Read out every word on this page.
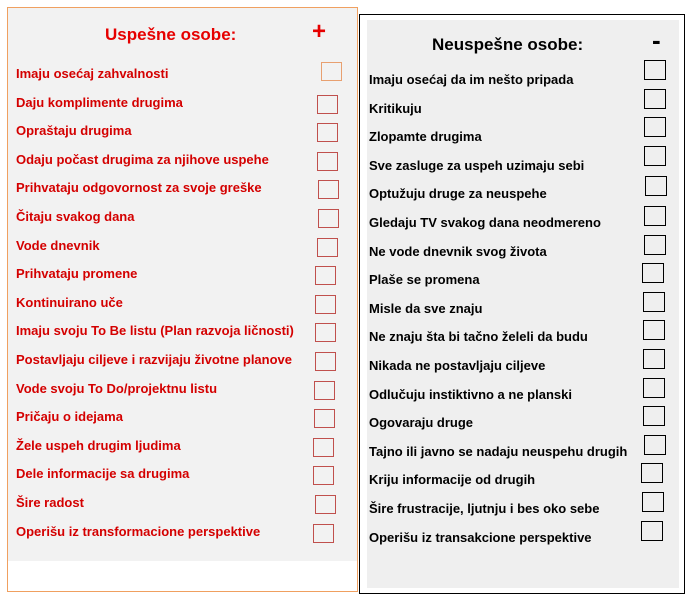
Uspešne osobe:	+
Imaju osećaj zahvalnosti
Daju komplimente drugima
Opraštaju drugima
Odaju počast drugima za njihove uspehe
Prihvataju odgovornost za svoje greške
Čitaju svakog dana
Vode dnevnik
Prihvataju promene
Kontinuirano uče
Imaju svoju To Be listu (Plan razvoja ličnosti)
Postavljaju ciljeve i razvijaju životne planove
Vode svoju To Do/projektnu listu
Pričaju o idejama
Žele uspeh drugim ljudima
Dele informacije sa drugima
Šire radost
Operišu iz transformacione perspektive
Neuspešne osobe:	-
Imaju osećaj da im nešto pripada
Kritikuju
Zlopamte drugima
Sve zasluge za uspeh uzimaju sebi
Optužuju druge za neuspehe
Gledaju TV svakog dana neodmereno
Ne vode dnevnik svog života
Plaše se promena
Misle da sve znaju
Ne znaju šta bi tačno želeli da budu
Nikada ne postavljaju ciljeve
Odlučuju instiktivno a ne planski
Ogovaraju druge
Tajno ili javno se nadaju neuspehu drugih
Kriju informacije od drugih
Šire frustracije, ljutnju i bes oko sebe
Operišu iz transakcione perspektive
